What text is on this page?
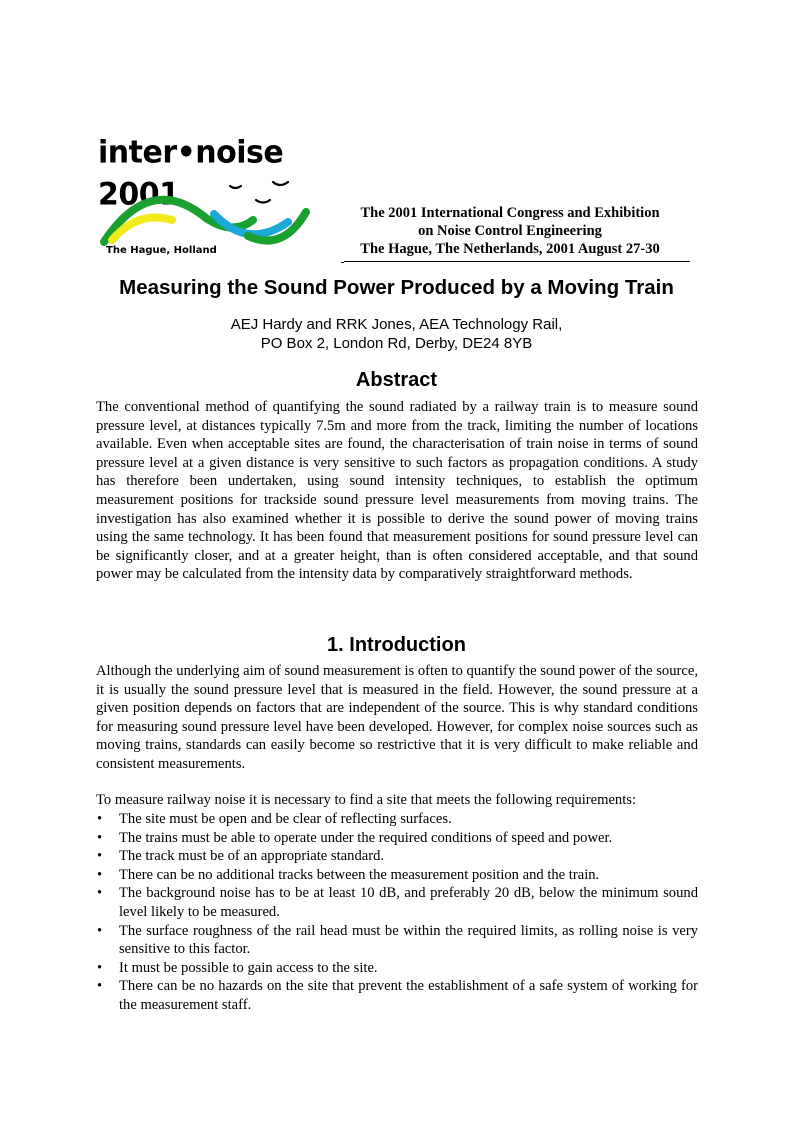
inter•noise 2001
The Hague, Holland
The 2001 International Congress and Exhibition
on Noise Control Engineering
The Hague, The Netherlands, 2001 August 27-30
Measuring the Sound Power Produced by a Moving Train
AEJ Hardy and RRK Jones, AEA Technology Rail,
PO Box 2, London Rd, Derby, DE24 8YB
Abstract

The conventional method of quantifying the sound radiated by a railway train is to measure sound pressure level, at distances typically 7.5m and more from the track, limiting the number of locations available. Even when acceptable sites are found, the characterisation of train noise in terms of sound pressure level at a given distance is very sensitive to such factors as propagation conditions. A study has therefore been undertaken, using sound intensity techniques, to establish the optimum measurement positions for trackside sound pressure level measurements from moving trains. The investigation has also examined whether it is possible to derive the sound power of moving trains using the same technology. It has been found that measurement positions for sound pressure level can be significantly closer, and at a greater height, than is often considered acceptable, and that sound power may be calculated from the intensity data by comparatively straightforward methods.

1. Introduction

Although the underlying aim of sound measurement is often to quantify the sound power of the source, it is usually the sound pressure level that is measured in the field. However, the sound pressure at a given position depends on factors that are independent of the source. This is why standard conditions for measuring sound pressure level have been developed. However, for complex noise sources such as moving trains, standards can easily become so restrictive that it is very difficult to make reliable and consistent measurements.

To measure railway noise it is necessary to find a site that meets the following requirements:
• The site must be open and be clear of reflecting surfaces.
• The trains must be able to operate under the required conditions of speed and power.
• The track must be of an appropriate standard.
• There can be no additional tracks between the measurement position and the train.
• The background noise has to be at least 10 dB, and preferably 20 dB, below the minimum sound level likely to be measured.
• The surface roughness of the rail head must be within the required limits, as rolling noise is very sensitive to this factor.
• It must be possible to gain access to the site.
• There can be no hazards on the site that prevent the establishment of a safe system of working for the measurement staff.
